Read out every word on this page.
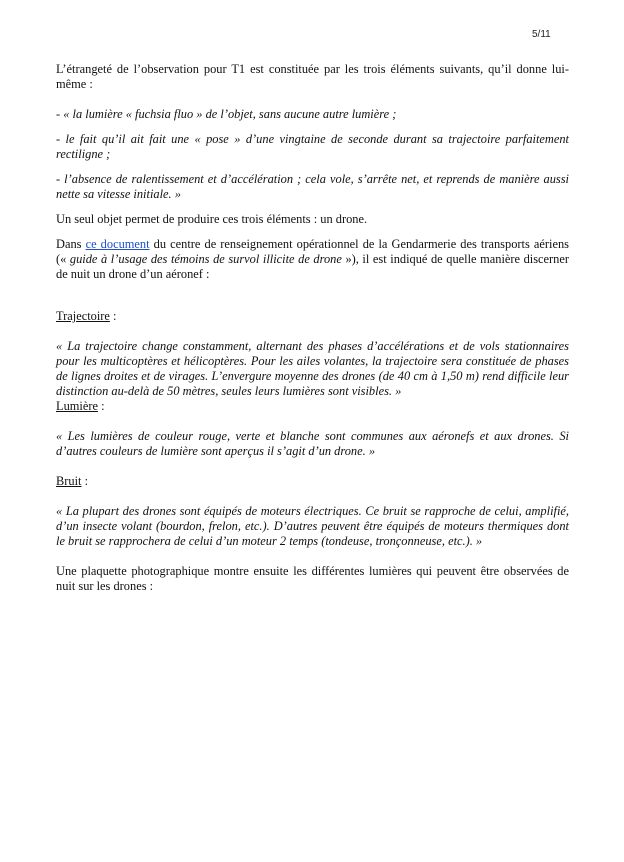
5/11

L’étrangeté de l’observation pour T1 est constituée par les trois éléments suivants, qu’il donne lui-même :

- « la lumière « fuchsia fluo » de l’objet, sans aucune autre lumière ;

- le fait qu’il ait fait une « pose » d’une vingtaine de seconde durant sa trajectoire parfaitement rectiligne ;

- l’absence de ralentissement et d’accélération ; cela vole, s’arrête net, et reprends de manière aussi nette sa vitesse initiale. »

Un seul objet permet de produire ces trois éléments : un drone.

Dans ce document du centre de renseignement opérationnel de la Gendarmerie des transports aériens (« guide à l’usage des témoins de survol illicite de drone »), il est indiqué de quelle manière discerner de nuit un drone d’un aéronef :

Trajectoire :

« La trajectoire change constamment, alternant des phases d’accélérations et de vols stationnaires pour les multicoptères et hélicoptères. Pour les ailes volantes, la trajectoire sera constituée de phases de lignes droites et de virages. L’envergure moyenne des drones (de 40 cm à 1,50 m) rend difficile leur distinction au-delà de 50 mètres, seules leurs lumières sont visibles. »

Lumière :

« Les lumières de couleur rouge, verte et blanche sont communes aux aéronefs et aux drones. Si d’autres couleurs de lumière sont aperçus il s’agit d’un drone. »

Bruit :

« La plupart des drones sont équipés de moteurs électriques. Ce bruit se rapproche de celui, amplifié, d’un insecte volant (bourdon, frelon, etc.). D’autres peuvent être équipés de moteurs thermiques dont le bruit se rapprochera de celui d’un moteur 2 temps (tondeuse, tronçonneuse, etc.). »

Une plaquette photographique montre ensuite les différentes lumières qui peuvent être observées de nuit sur les drones :
